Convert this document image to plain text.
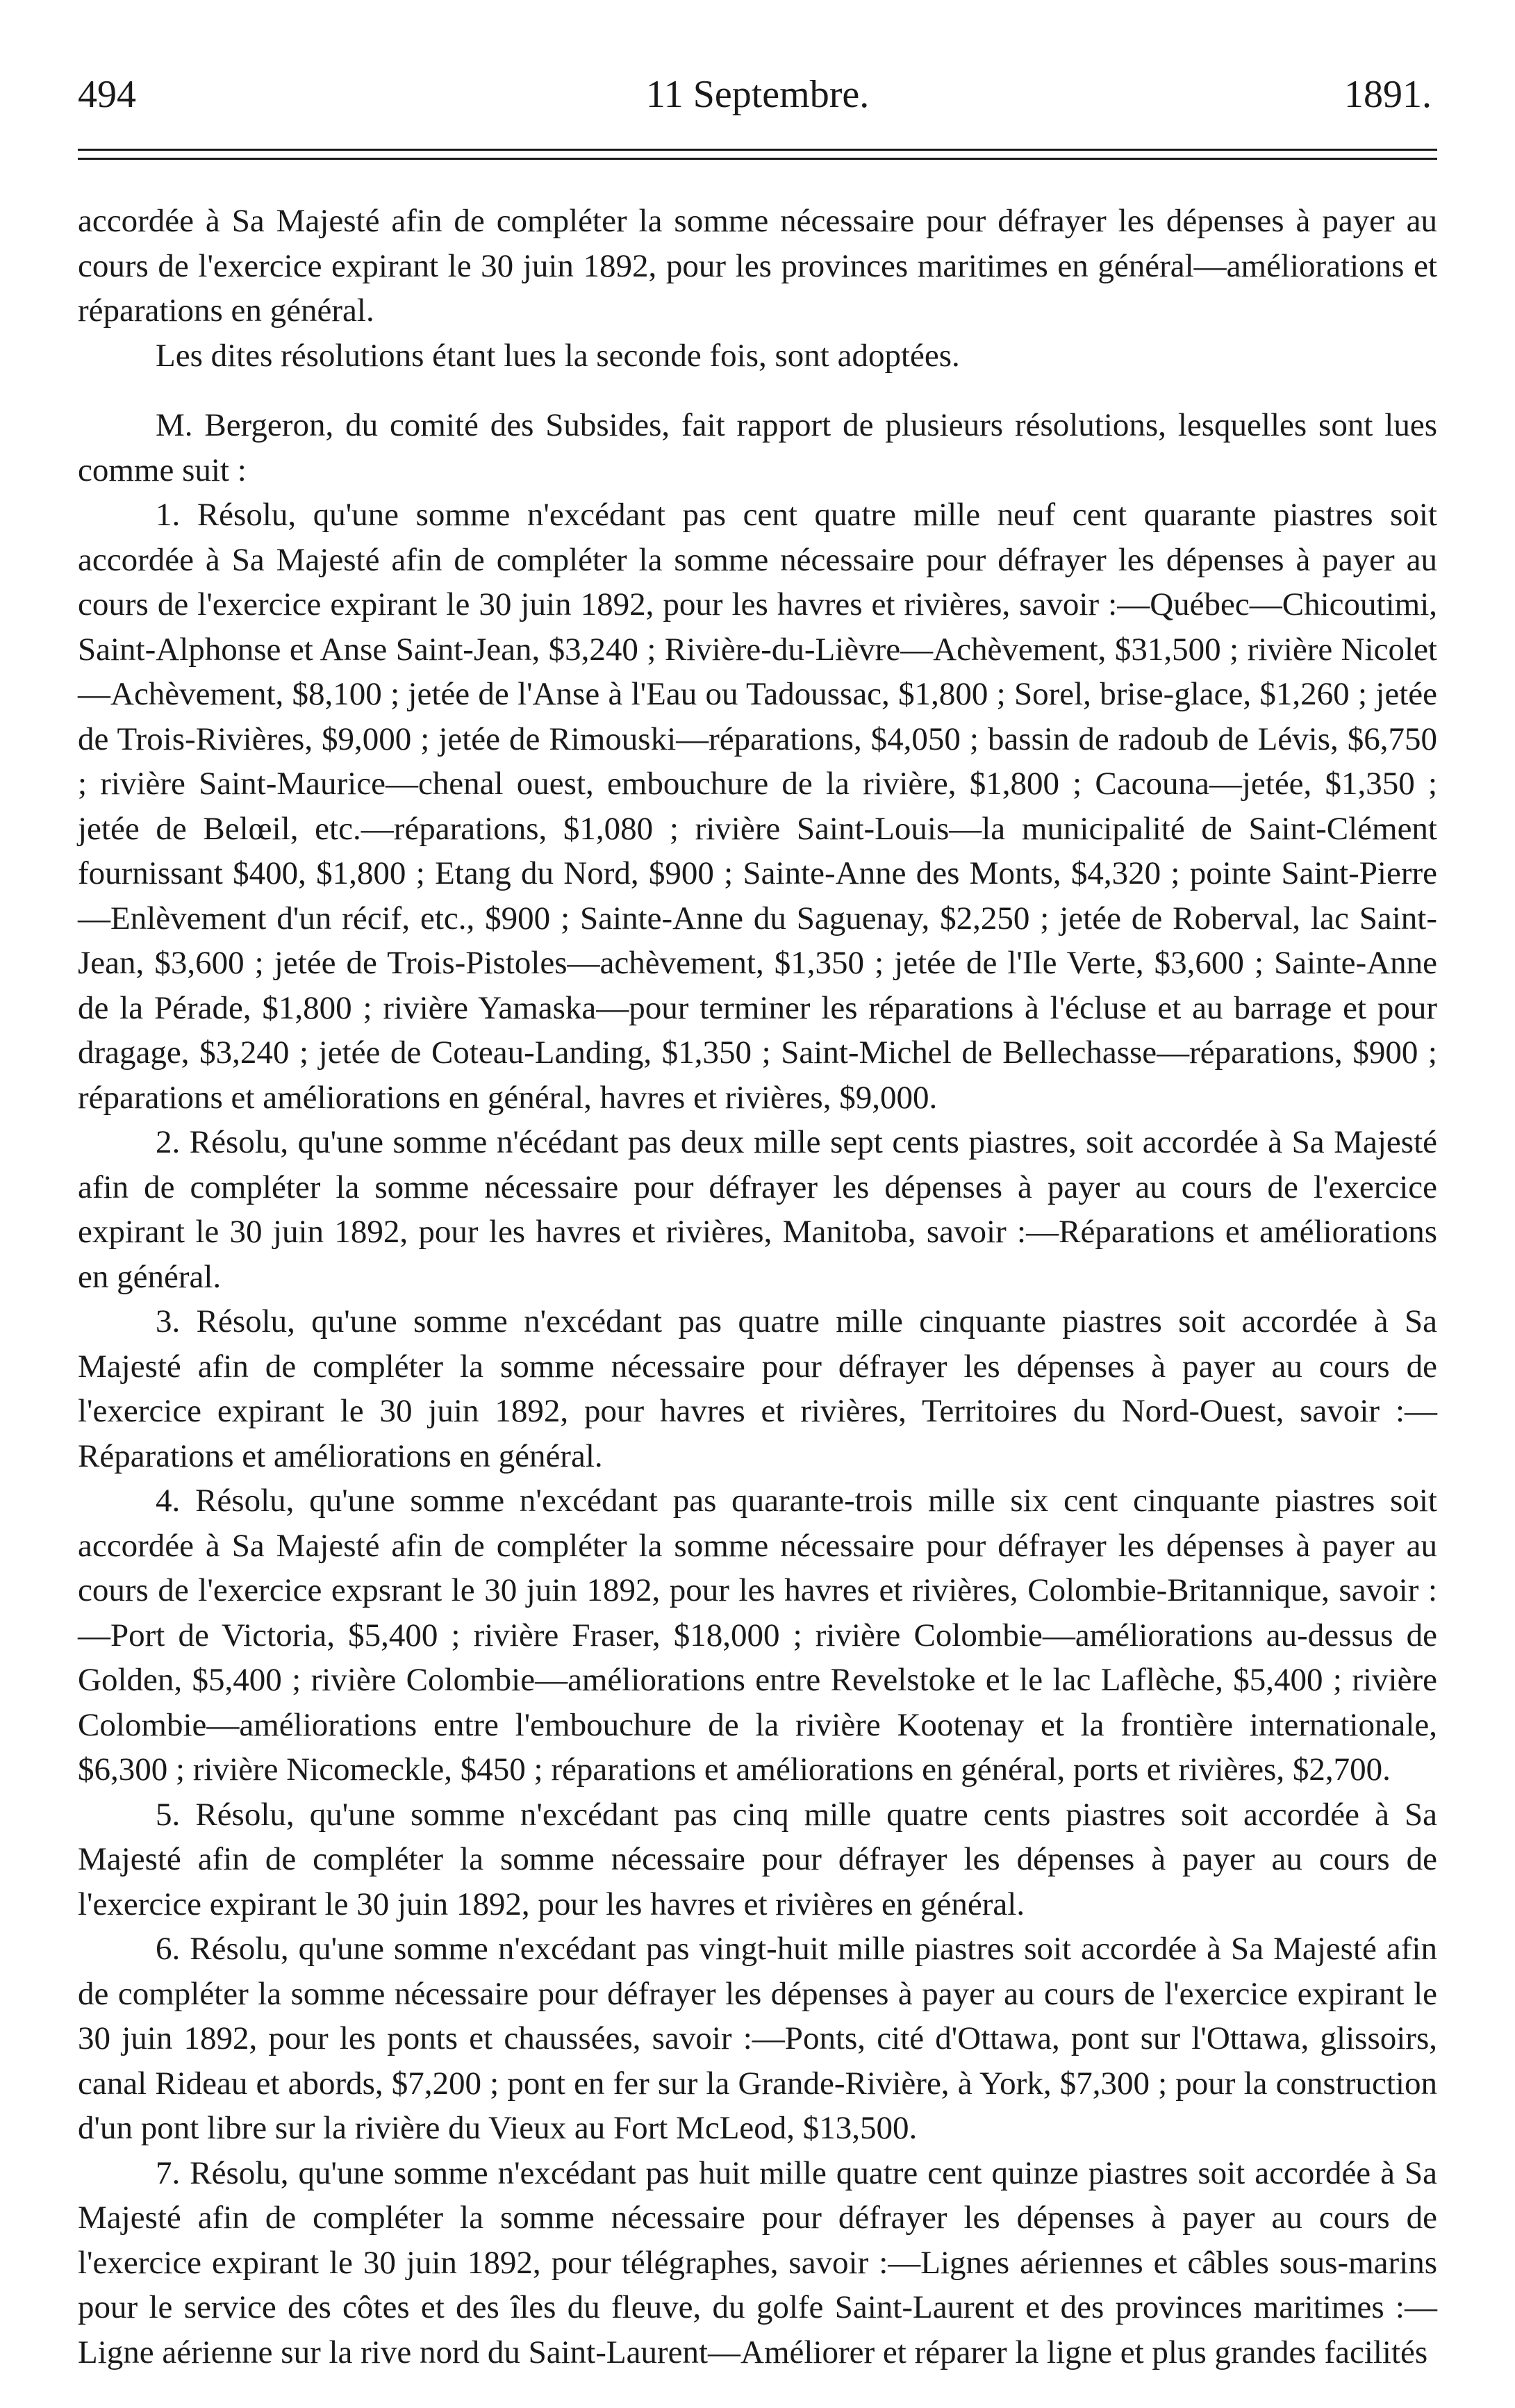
494	11 Septembre.	1891.

accordée à Sa Majesté afin de compléter la somme nécessaire pour défrayer les dépenses à payer au cours de l'exercice expirant le 30 juin 1892, pour les provinces maritimes en général—améliorations et réparations en général.

Les dites résolutions étant lues la seconde fois, sont adoptées.

M. Bergeron, du comité des Subsides, fait rapport de plusieurs résolutions, lesquelles sont lues comme suit :

1. Résolu, qu'une somme n'excédant pas cent quatre mille neuf cent quarante piastres soit accordée à Sa Majesté afin de compléter la somme nécessaire pour défrayer les dépenses à payer au cours de l'exercice expirant le 30 juin 1892, pour les havres et rivières, savoir :—Québec—Chicoutimi, Saint-Alphonse et Anse Saint-Jean, $3,240 ; Rivière-du-Lièvre—Achèvement, $31,500 ; rivière Nicolet—Achèvement, $8,100 ; jetée de l'Anse à l'Eau ou Tadoussac, $1,800 ; Sorel, brise-glace, $1,260 ; jetée de Trois-Rivières, $9,000 ; jetée de Rimouski—réparations, $4,050 ; bassin de radoub de Lévis, $6,750 ; rivière Saint-Maurice—chenal ouest, embouchure de la rivière, $1,800 ; Cacouna—jetée, $1,350 ; jetée de Belœil, etc.—réparations, $1,080 ; rivière Saint-Louis—la municipalité de Saint-Clément fournissant $400, $1,800 ; Etang du Nord, $900 ; Sainte-Anne des Monts, $4,320 ; pointe Saint-Pierre—Enlèvement d'un récif, etc., $900 ; Sainte-Anne du Saguenay, $2,250 ; jetée de Roberval, lac Saint-Jean, $3,600 ; jetée de Trois-Pistoles—achèvement, $1,350 ; jetée de l'Ile Verte, $3,600 ; Sainte-Anne de la Pérade, $1,800 ; rivière Yamaska—pour terminer les réparations à l'écluse et au barrage et pour dragage, $3,240 ; jetée de Coteau-Landing, $1,350 ; Saint-Michel de Bellechasse—réparations, $900 ; réparations et améliorations en général, havres et rivières, $9,000.

2. Résolu, qu'une somme n'écédant pas deux mille sept cents piastres, soit accordée à Sa Majesté afin de compléter la somme nécessaire pour défrayer les dépenses à payer au cours de l'exercice expirant le 30 juin 1892, pour les havres et rivières, Manitoba, savoir :—Réparations et améliorations en général.

3. Résolu, qu'une somme n'excédant pas quatre mille cinquante piastres soit accordée à Sa Majesté afin de compléter la somme nécessaire pour défrayer les dépenses à payer au cours de l'exercice expirant le 30 juin 1892, pour havres et rivières, Territoires du Nord-Ouest, savoir :—Réparations et améliorations en général.

4. Résolu, qu'une somme n'excédant pas quarante-trois mille six cent cinquante piastres soit accordée à Sa Majesté afin de compléter la somme nécessaire pour défrayer les dépenses à payer au cours de l'exercice expsrant le 30 juin 1892, pour les havres et rivières, Colombie-Britannique, savoir :—Port de Victoria, $5,400 ; rivière Fraser, $18,000 ; rivière Colombie—améliorations au-dessus de Golden, $5,400 ; rivière Colombie—améliorations entre Revelstoke et le lac Laflèche, $5,400 ; rivière Colombie—améliorations entre l'embouchure de la rivière Kootenay et la frontière internationale, $6,300 ; rivière Nicomeckle, $450 ; réparations et améliorations en général, ports et rivières, $2,700.

5. Résolu, qu'une somme n'excédant pas cinq mille quatre cents piastres soit accordée à Sa Majesté afin de compléter la somme nécessaire pour défrayer les dépenses à payer au cours de l'exercice expirant le 30 juin 1892, pour les havres et rivières en général.

6. Résolu, qu'une somme n'excédant pas vingt-huit mille piastres soit accordée à Sa Majesté afin de compléter la somme nécessaire pour défrayer les dépenses à payer au cours de l'exercice expirant le 30 juin 1892, pour les ponts et chaussées, savoir :—Ponts, cité d'Ottawa, pont sur l'Ottawa, glissoirs, canal Rideau et abords, $7,200 ; pont en fer sur la Grande-Rivière, à York, $7,300 ; pour la construction d'un pont libre sur la rivière du Vieux au Fort McLeod, $13,500.

7. Résolu, qu'une somme n'excédant pas huit mille quatre cent quinze piastres soit accordée à Sa Majesté afin de compléter la somme nécessaire pour défrayer les dépenses à payer au cours de l'exercice expirant le 30 juin 1892, pour télégraphes, savoir :—Lignes aériennes et câbles sous-marins pour le service des côtes et des îles du fleuve, du golfe Saint-Laurent et des provinces maritimes :—Ligne aérienne sur la rive nord du Saint-Laurent—Améliorer et réparer la ligne et plus grandes facilités
